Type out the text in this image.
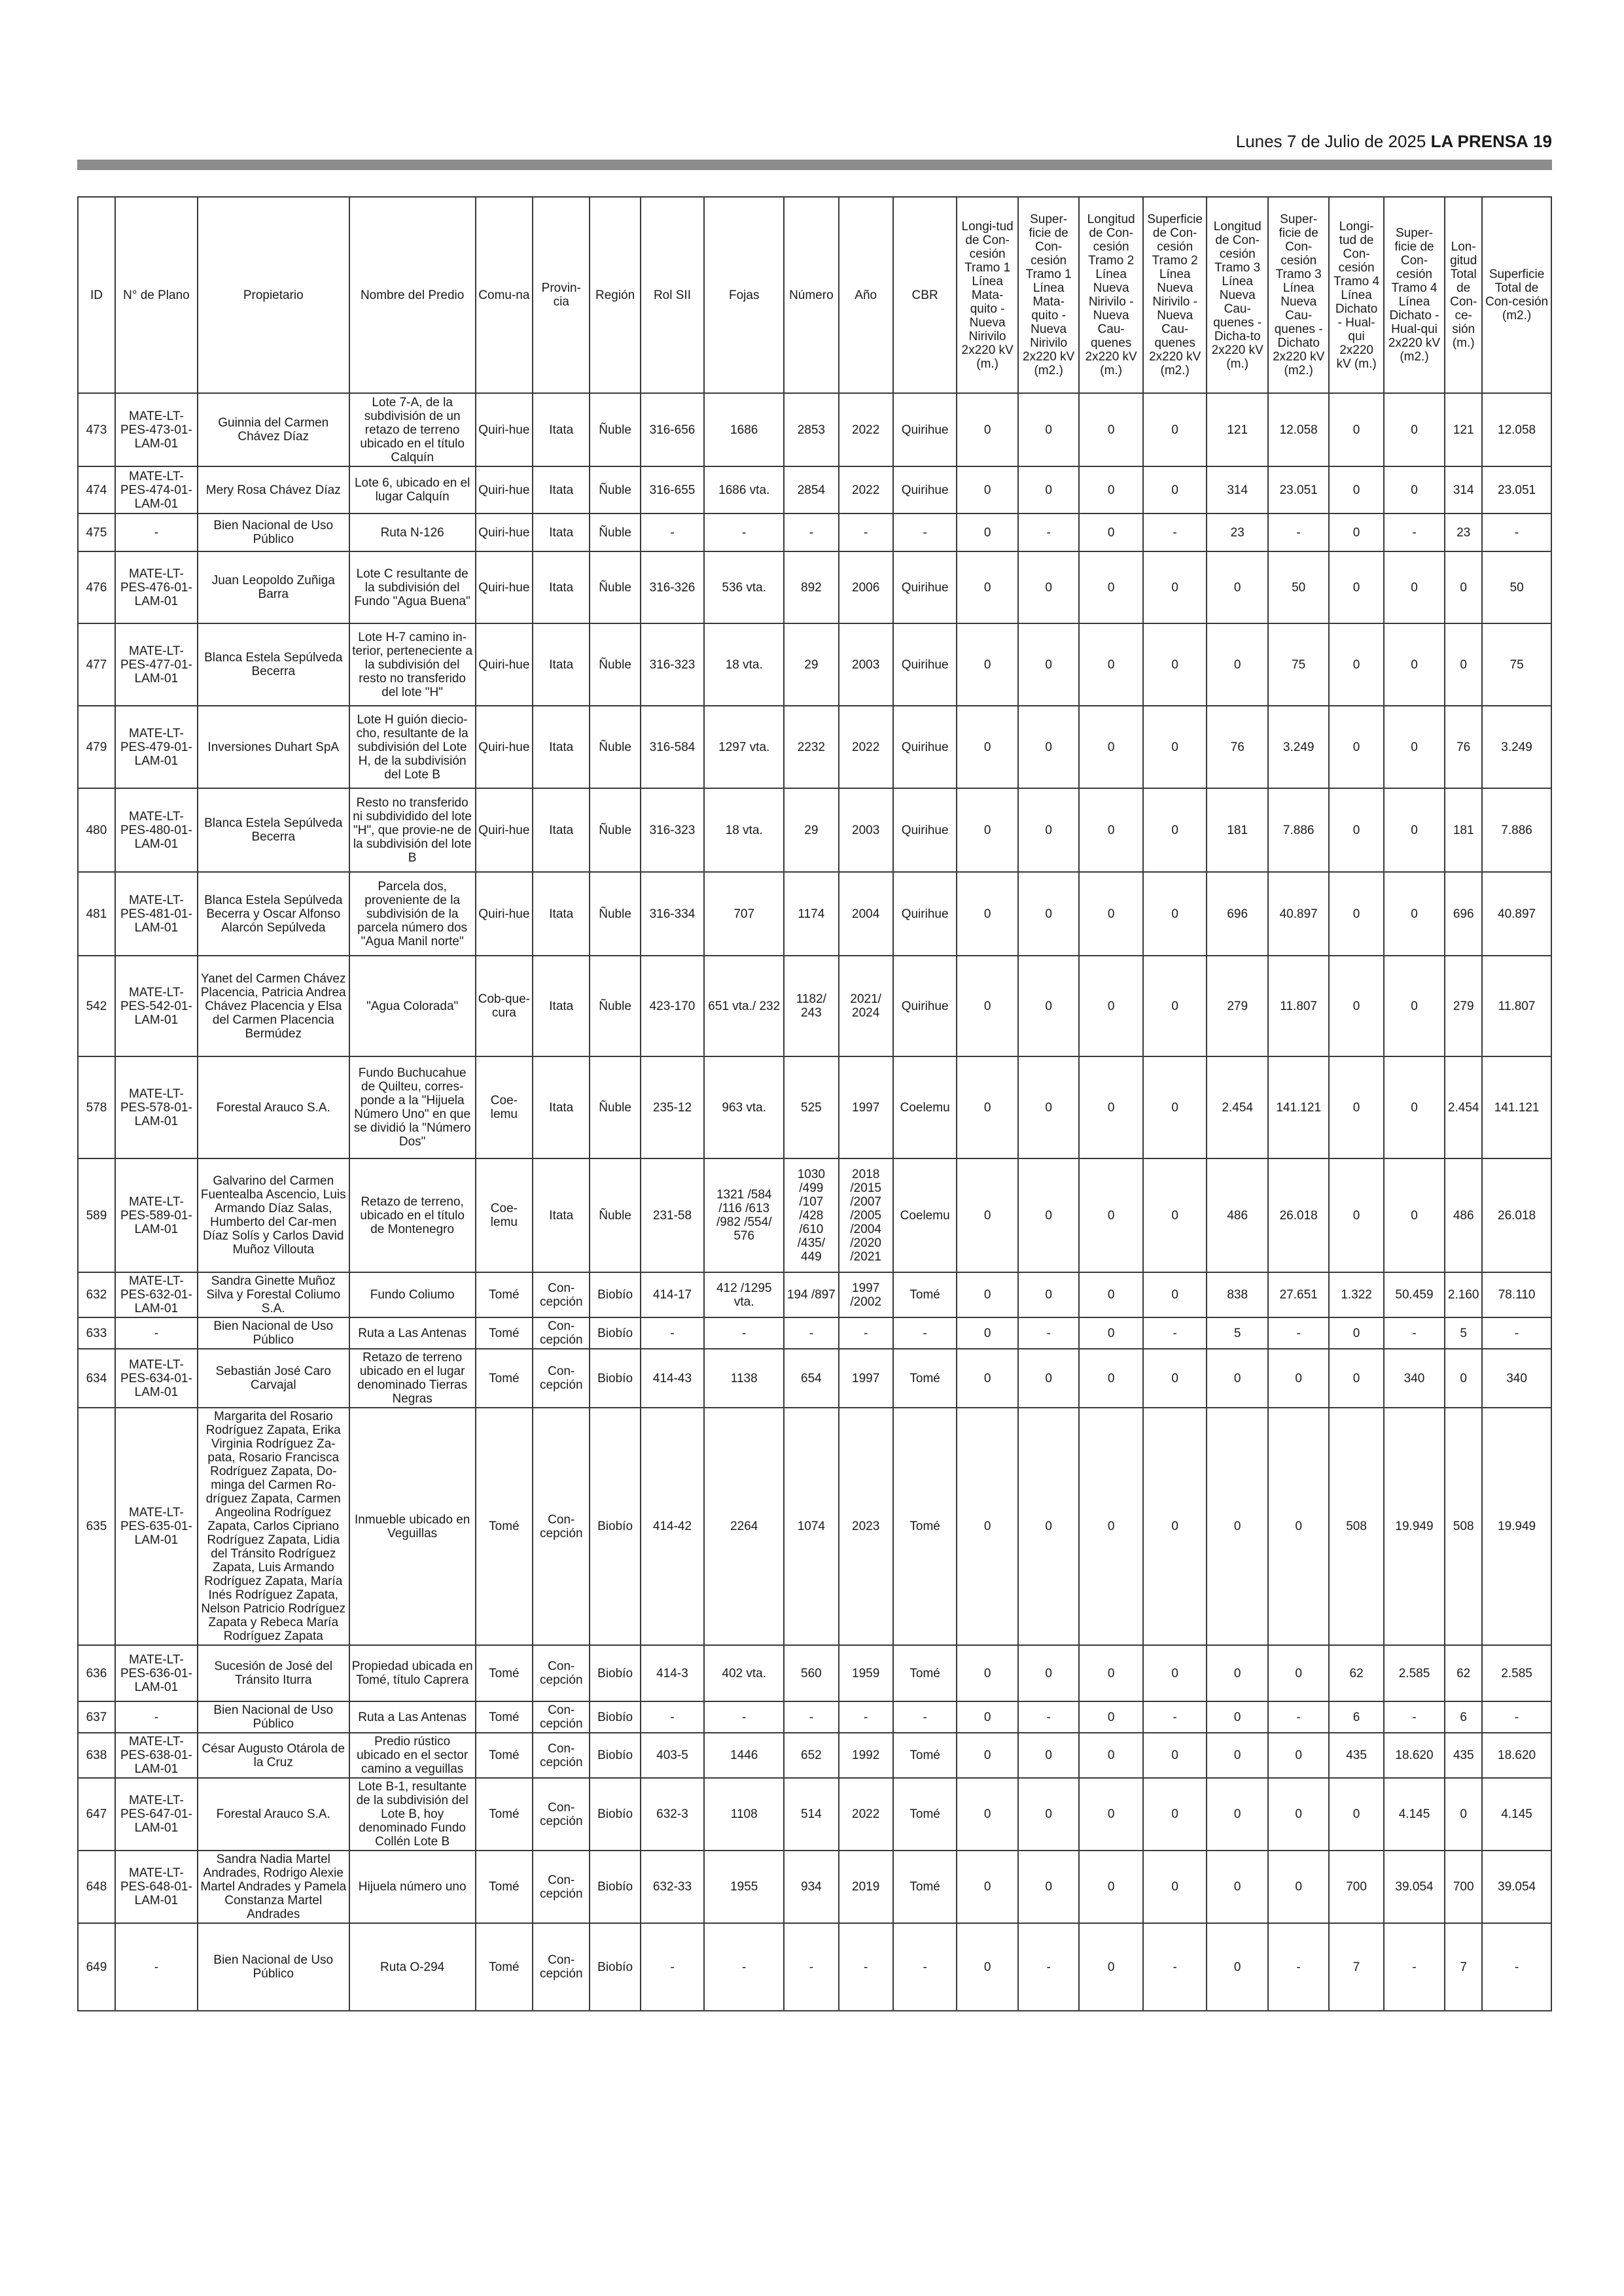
Lunes 7 de Julio de 2025 LA PRENSA 19
ID	N° de Plano	Propietario	Nombre del Predio	Comu-na	Provin-cia	Región	Rol SII	Fojas	Número	Año	CBR	Longi-tud de Con-cesión Tramo 1 Línea Mata-quito - Nueva Nirivilo 2x220 kV (m.)	Super-ficie de Con-cesión Tramo 1 Línea Mata-quito - Nueva Nirivilo 2x220 kV (m2.)	Longitud de Con-cesión Tramo 2 Línea Nueva Nirivilo - Nueva Cau-quenes 2x220 kV (m.)	Superficie de Con-cesión Tramo 2 Línea Nueva Nirivilo - Nueva Cau-quenes 2x220 kV (m2.)	Longitud de Con-cesión Tramo 3 Línea Nueva Cau-quenes - Dicha-to 2x220 kV (m.)	Super-ficie de Con-cesión Tramo 3 Línea Nueva Cau-quenes - Dichato 2x220 kV (m2.)	Longi-tud de Con-cesión Tramo 4 Línea Dichato - Hual-qui 2x220 kV (m.)	Super-ficie de Con-cesión Tramo 4 Línea Dichato - Hual-qui 2x220 kV (m2.)	Lon-gitud Total de Con-ce-sión (m.)	Superficie Total de Con-cesión (m2.)
473	MATE-LT-PES-473-01-LAM-01	Guinnia del Carmen Chávez Díaz	Lote 7-A, de la subdivisión de un retazo de terreno ubicado en el título Calquín	Quiri-hue	Itata	Ñuble	316-656	1686	2853	2022	Quirihue	0	0	0	0	121	12.058	0	0	121	12.058
474	MATE-LT-PES-474-01-LAM-01	Mery Rosa Chávez Díaz	Lote 6, ubicado en el lugar Calquín	Quiri-hue	Itata	Ñuble	316-655	1686 vta.	2854	2022	Quirihue	0	0	0	0	314	23.051	0	0	314	23.051
475	-	Bien Nacional de Uso Público	Ruta N-126	Quiri-hue	Itata	Ñuble	-	-	-	-	-	0	-	0	-	23	-	0	-	23	-
476	MATE-LT-PES-476-01-LAM-01	Juan Leopoldo Zuñiga Barra	Lote C resultante de la subdivisión del Fundo "Agua Buena"	Quiri-hue	Itata	Ñuble	316-326	536 vta.	892	2006	Quirihue	0	0	0	0	0	50	0	0	0	50
477	MATE-LT-PES-477-01-LAM-01	Blanca Estela Sepúlveda Becerra	Lote H-7 camino in-terior, perteneciente a la subdivisión del resto no transferido del lote "H"	Quiri-hue	Itata	Ñuble	316-323	18 vta.	29	2003	Quirihue	0	0	0	0	0	75	0	0	0	75
479	MATE-LT-PES-479-01-LAM-01	Inversiones Duhart SpA	Lote H guión diecio-cho, resultante de la subdivisión del Lote H, de la subdivisión del Lote B	Quiri-hue	Itata	Ñuble	316-584	1297 vta.	2232	2022	Quirihue	0	0	0	0	76	3.249	0	0	76	3.249
480	MATE-LT-PES-480-01-LAM-01	Blanca Estela Sepúlveda Becerra	Resto no transferido ni subdividido del lote "H", que provie-ne de la subdivisión del lote B	Quiri-hue	Itata	Ñuble	316-323	18 vta.	29	2003	Quirihue	0	0	0	0	181	7.886	0	0	181	7.886
481	MATE-LT-PES-481-01-LAM-01	Blanca Estela Sepúlveda Becerra y Oscar Alfonso Alarcón Sepúlveda	Parcela dos, proveniente de la subdivisión de la parcela número dos "Agua Manil norte"	Quiri-hue	Itata	Ñuble	316-334	707	1174	2004	Quirihue	0	0	0	0	696	40.897	0	0	696	40.897
542	MATE-LT-PES-542-01-LAM-01	Yanet del Carmen Chávez Placencia, Patricia Andrea Chávez Placencia y Elsa del Carmen Placencia Bermúdez	"Agua Colorada"	Cob-que-cura	Itata	Ñuble	423-170	651 vta./ 232	1182/ 243	2021/ 2024	Quirihue	0	0	0	0	279	11.807	0	0	279	11.807
578	MATE-LT-PES-578-01-LAM-01	Forestal Arauco S.A.	Fundo Buchucahue de Quilteu, corres-ponde a la "Hijuela Número Uno" en que se dividió la "Número Dos"	Coe-lemu	Itata	Ñuble	235-12	963 vta.	525	1997	Coelemu	0	0	0	0	2.454	141.121	0	0	2.454	141.121
589	MATE-LT-PES-589-01-LAM-01	Galvarino del Carmen Fuentealba Ascencio, Luis Armando Díaz Salas, Humberto del Car-men Díaz Solís y Carlos David Muñoz Villouta	Retazo de terreno, ubicado en el título de Montenegro	Coe-lemu	Itata	Ñuble	231-58	1321 /584 /116 /613 /982 /554/ 576	1030 /499 /107 /428 /610 /435/ 449	2018 /2015 /2007 /2005 /2004 /2020 /2021	Coelemu	0	0	0	0	486	26.018	0	0	486	26.018
632	MATE-LT-PES-632-01-LAM-01	Sandra Ginette Muñoz Silva y Forestal Coliumo S.A.	Fundo Coliumo	Tomé	Con-cepción	Biobío	414-17	412 /1295 vta.	194 /897	1997 /2002	Tomé	0	0	0	0	838	27.651	1.322	50.459	2.160	78.110
633	-	Bien Nacional de Uso Público	Ruta a Las Antenas	Tomé	Con-cepción	Biobío	-	-	-	-	-	0	-	0	-	5	-	0	-	5	-
634	MATE-LT-PES-634-01-LAM-01	Sebastián José Caro Carvajal	Retazo de terreno ubicado en el lugar denominado Tierras Negras	Tomé	Con-cepción	Biobío	414-43	1138	654	1997	Tomé	0	0	0	0	0	0	0	340	0	340
635	MATE-LT-PES-635-01-LAM-01	Margarita del Rosario Rodríguez Zapata, Erika Virginia Rodríguez Za-pata, Rosario Francisca Rodríguez Zapata, Do-minga del Carmen Ro-dríguez Zapata, Carmen Angeolina Rodríguez Zapata, Carlos Cipriano Rodríguez Zapata, Lidia del Tránsito Rodríguez Zapata, Luis Armando Rodríguez Zapata, María Inés Rodríguez Zapata, Nelson Patricio Rodríguez Zapata y Rebeca María Rodríguez Zapata	Inmueble ubicado en Veguillas	Tomé	Con-cepción	Biobío	414-42	2264	1074	2023	Tomé	0	0	0	0	0	0	508	19.949	508	19.949
636	MATE-LT-PES-636-01-LAM-01	Sucesión de José del Tránsito Iturra	Propiedad ubicada en Tomé, título Caprera	Tomé	Con-cepción	Biobío	414-3	402 vta.	560	1959	Tomé	0	0	0	0	0	0	62	2.585	62	2.585
637	-	Bien Nacional de Uso Público	Ruta a Las Antenas	Tomé	Con-cepción	Biobío	-	-	-	-	-	0	-	0	-	0	-	6	-	6	-
638	MATE-LT-PES-638-01-LAM-01	César Augusto Otárola de la Cruz	Predio rústico ubicado en el sector camino a veguillas	Tomé	Con-cepción	Biobío	403-5	1446	652	1992	Tomé	0	0	0	0	0	0	435	18.620	435	18.620
647	MATE-LT-PES-647-01-LAM-01	Forestal Arauco S.A.	Lote B-1, resultante de la subdivisión del Lote B, hoy denominado Fundo Collén Lote B	Tomé	Con-cepción	Biobío	632-3	1108	514	2022	Tomé	0	0	0	0	0	0	0	4.145	0	4.145
648	MATE-LT-PES-648-01-LAM-01	Sandra Nadia Martel Andrades, Rodrigo Alexie Martel Andrades y Pamela Constanza Martel Andrades	Hijuela número uno	Tomé	Con-cepción	Biobío	632-33	1955	934	2019	Tomé	0	0	0	0	0	0	700	39.054	700	39.054
649	-	Bien Nacional de Uso Público	Ruta O-294	Tomé	Con-cepción	Biobío	-	-	-	-	-	0	-	0	-	0	-	7	-	7	-
